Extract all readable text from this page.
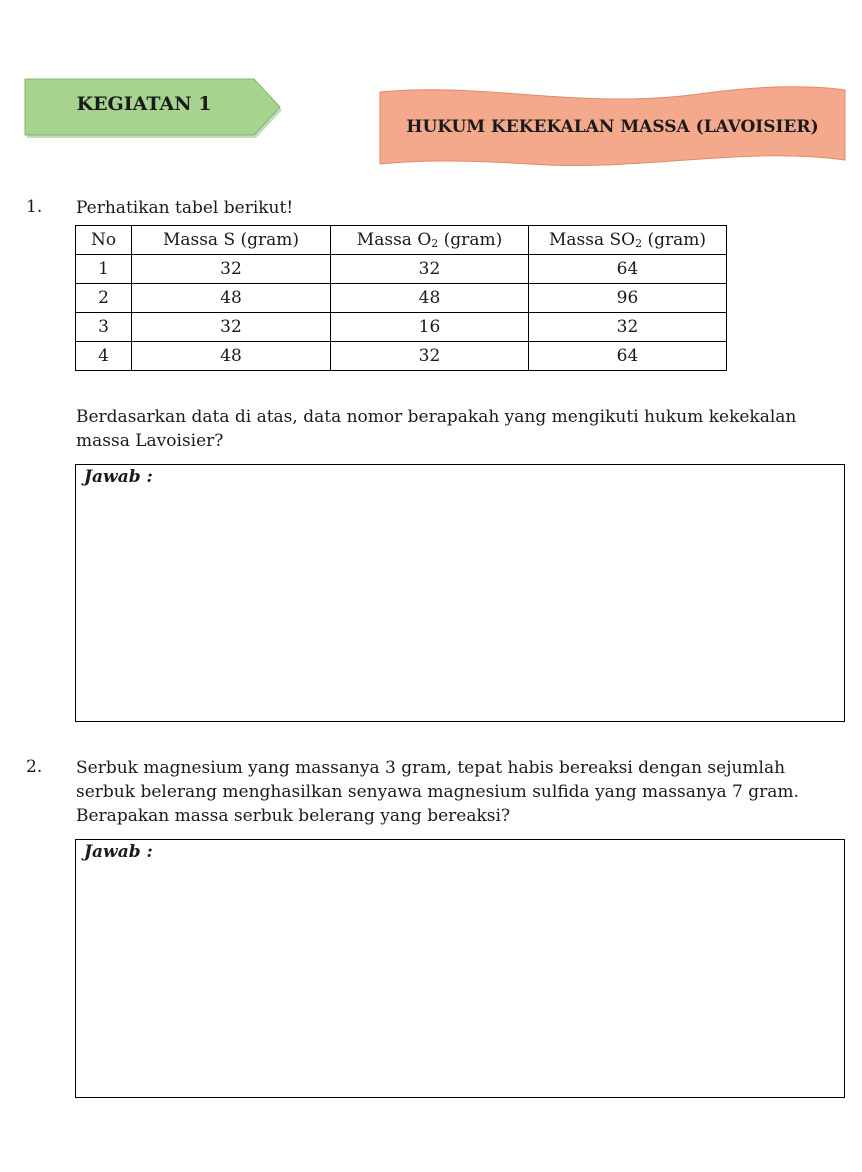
KEGIATAN 1
HUKUM KEKEKALAN MASSA (LAVOISIER)
1. Perhatikan tabel berikut!
No	Massa S (gram)	Massa $O_2$ (gram)	Massa $SO_2$ (gram)
1	32	32	64
2	48	48	96
3	32	16	32
4	48	32	64
Berdasarkan data di atas, data nomor berapakah yang mengikuti hukum kekekalan
massa Lavoisier?
Jawab :
2. Serbuk magnesium yang massanya 3 gram, tepat habis bereaksi dengan sejumlah
serbuk belerang menghasilkan senyawa magnesium sulfida yang massanya 7 gram.
Berapakan massa serbuk belerang yang bereaksi?
Jawab :
